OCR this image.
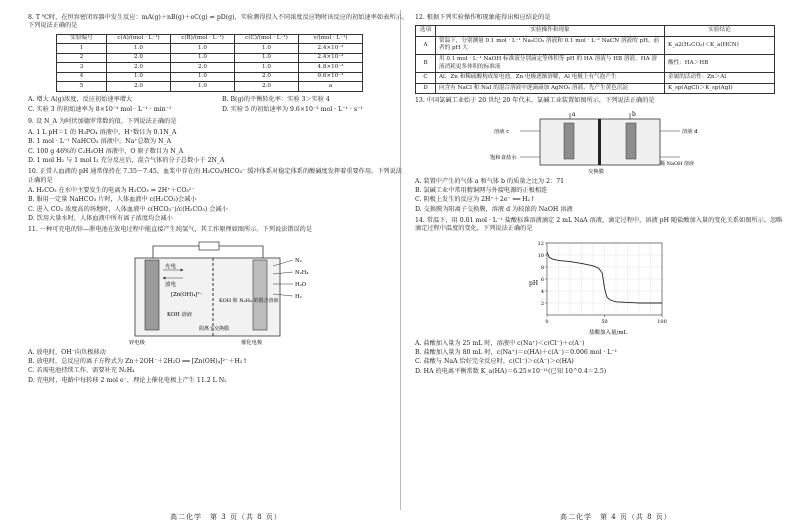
8. T ℃时，在恒容密闭容器中发生反应：mA(g)＋nB(g)＋eC(g) ⇌ pD(g)，实验测得投入不同浓度反应物时该反应的初始速率如表所示。下列说法正确的是

实验编号	c(A)/(mol · L⁻¹)	c(B)/(mol · L⁻¹)	c(C)/(mol · L⁻¹)	v/(mol · L⁻¹)
1	1.0	1.0	1.0	2.4×10⁻³
2	2.0	1.0	1.0	2.4×10⁻³
3	2.0	2.0	1.0	4.8×10⁻³
4	1.0	1.0	2.0	9.6×10⁻³
5	2.0	1.0	2.0	a
A. 增大 A(g)浓度，反应初始速率增大	B. B(g)的平衡转化率：实验 3＞实验 4
C. 实验 3 的初始速率为 8×10⁻³ mol · L⁻¹ · min⁻¹	D. 实验 5 的初始速率为 9.6×10⁻³ mol · L⁻¹ · s⁻¹

9. 设 N_A 为阿伏加德罗常数的值，下列说法正确的是

A. 1 L pH＝1 的 H₃PO₄ 溶液中，H⁺数目为 0.1N_A
B. 1 mol · L⁻¹ NaHCO₃ 溶液中，Na⁺总数为 N_A
C. 100 g 46%的 C₂H₅OH 溶液中，O 原子数目为 N_A
D. 1 mol H₂ 与 1 mol I₂ 充分反应后，混合气体的分子总数小于 2N_A

10. 正常人血液的 pH 通常保持在 7.35～7.45，血浆中存在的 H₂CO₃/HCO₃⁻ 缓冲体系对稳定体系的酸碱度发挥着重要作用。下列说法正确的是

A. H₂CO₃ 在水中主要发生的电离为 H₂CO₃ ⇌ 2H⁺＋CO₃²⁻
B. 服用一定量 NaHCO₃ 片时，人体血液中 c(H₂CO₃)会减小
C. 进入 CO₂ 浓度高的场地时，人体血液中 c(HCO₃⁻)/c(H₂CO₃) 会减小
D. 饮用大量水时，人体血液中所有离子浓度均会减小

11. 一种可充电的锌—肼电池在放电过程中能直接产生纯氢气，其工作原理如图所示。下列说法错误的是

充电
放电
[Zn(OH)₄]²⁻
KOH 溶液
KOH 和 N₂H₄ 的混合溶液
阴离子交换膜
锌电极	催化电极
N₂
N₂H₄
H₂O
H₂
A. 放电时，OH⁻向负极移动
B. 放电时，总反应的离子方程式为 Zn＋2OH⁻＋2H₂O ══ [Zn(OH)₄]²⁻＋H₂↑
C. 若需电池持续工作，需要补充 N₂H₄
D. 充电时，电路中每转移 2 mol e⁻，理论上催化电极上产生 11.2 L N₂

12. 根据下列实验操作和现象能得出相应结论的是

选项	实验操作和现象	实验结论
A	常温下，分别测量 0.1 mol · L⁻¹ Na₂CO₃ 溶液和 0.1 mol · L⁻¹ NaCN 溶液的 pH，前者的 pH 大	K_a2(H₂CO₃)＜K_a(HCN)
B	用 0.1 mol · L⁻¹ NaOH 标准液分别滴定等体积等 pH 的 HA 溶液与 HB 溶液，HA 溶液消耗更多体积的标准液	酸性：HA＞HB
C	Al、Zn 和稀硫酸构成原电池，Zn 电极逐渐溶解，Al 电极上有气泡产生	金属的活动性：Zn＞Al
D	向含有 NaCl 和 NaI 的混合溶液中逐滴滴加 AgNO₃ 溶液，先产生黄色沉淀	K_sp(AgCl)＞K_sp(AgI)

13. 中国氯碱工业始于 20 世纪 20 年代末。氯碱工业装置如图所示，下列说法正确的是

a	b
溶液 c
饱和食盐水
溶液 d
稀 NaOH 溶液
交换膜
A. 装置中产生的气体 a 和气体 b 的质量之比为 2：71
B. 氯碱工业中常用精铜网与外接电源的正极相连
C. 阴极上发生的反应为 2H⁺＋2e⁻ ══ H₂↑
D. 交换膜为阳离子交换膜，溶液 d 为较浓的 NaOH 溶液

14. 常温下，用 0.01 mol · L⁻¹ 盐酸标准溶液滴定 2 mL NaA 溶液，滴定过程中，溶液 pH 随盐酸加入量的变化关系如图所示。忽略滴定过程中温度的变化，下列说法正确的是

2
4
6
8
10
12
0	50	100
pH
盐酸加入量/mL
A. 盐酸加入量为 25 mL 时，溶液中 c(Na⁺)＜c(Cl⁻)＋c(A⁻)
B. 盐酸加入量为 80 mL 时，c(Na⁺)＝c(HA)＋c(A⁻)＝0.006 mol · L⁻¹
C. 盐酸与 NaA 恰好完全反应时，c(Cl⁻)＞c(A⁻)＞c(HA)
D. HA 的电离平衡常数 K_a(HA)＝6.25×10⁻¹¹(已知 10^0.4＝2.5)
高二化学　第 3 页（共 8 页）	高二化学　第 4 页（共 8 页）
